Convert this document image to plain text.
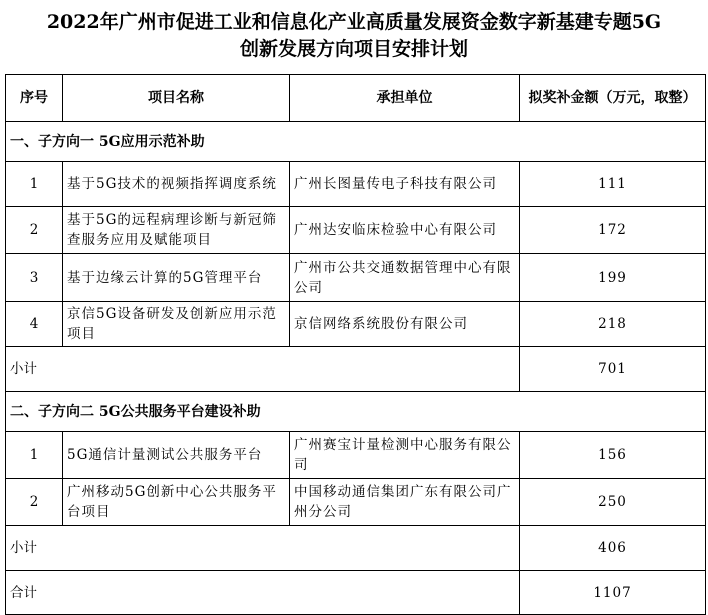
2022年广州市促进工业和信息化产业高质量发展资金数字新基建专题5G
创新发展方向项目安排计划
序号	项目名称	承担单位	拟奖补金额（万元，取整）
一、子方向一 5G应用示范补助			
1	基于5G技术的视频指挥调度系统	广州长图量传电子科技有限公司	111
2	基于5G的远程病理诊断与新冠筛查服务应用及赋能项目	广州达安临床检验中心有限公司	172
3	基于边缘云计算的5G管理平台	广州市公共交通数据管理中心有限公司	199
4	京信5G设备研发及创新应用示范项目	京信网络系统股份有限公司	218
小计			701
二、子方向二 5G公共服务平台建设补助			
1	5G通信计量测试公共服务平台	广州赛宝计量检测中心服务有限公司	156
2	广州移动5G创新中心公共服务平台项目	中国移动通信集团广东有限公司广州分公司	250
小计			406
合计			1107
